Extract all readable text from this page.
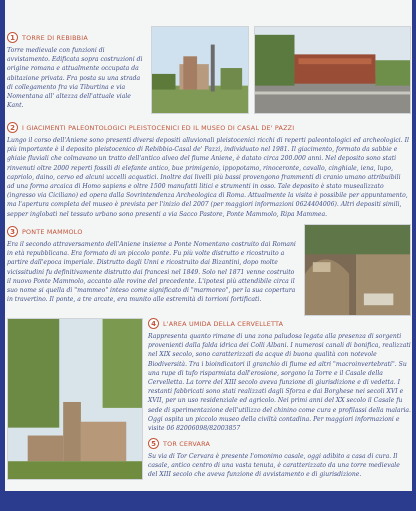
1	TORRE DI REBIBBIA
Torre medievale con funzioni di avvistamento. Edificata sopra costruzioni di origine romana e attualmente occupata da abitazione privata. Fra posta su una strada di collegamento fra via Tiburtina e via Nomentana all' altezza dell'attuale viale Kant.
2	I GIACIMENTI PALEONTOLOGICI PLEISTOCENICI ED IL MUSEO DI CASAL DE' PAZZI
Lungo il corso dell'Aniene sono presenti diversi depositi alluvionali pleistocenici ricchi di reperti paleontologici ed archeologici. Il più importante è il deposito pleistocenico di Rebibbia-Casal de' Pazzi, individuato nel 1981. Il giacimento, formato da sabbie e ghiaie fluviali che colmavano un tratto dell'antico alveo del fiume Aniene, è datato circa 200.000 anni. Nel deposito sono stati rinvenuti oltre 2000 reperti fossili di elefante antico, bue primigenio, ippopotamo, rinoceronte, cavallo, cinghiale, iena, lupo, capriolo, daino, cervo ed alcuni uccelli acquatici. Inoltre dai livelli più bassi provengono frammenti di cranio umano attribuibili ad una forma arcaica di Homo sapiens e oltre 1500 manufatti litici e strumenti in osso. Tale deposito è stato musealizzato (ingresso via Ciciliano) ed opera dalla Sovrintendenza Archeologica di Roma. Attualmente la visita è possibile per appuntamento, ma l'apertura completa del museo è prevista per l'inizio del 2007 (per maggiori informazioni 0624404006). Altri depositi simili, sepper inglobati nel tessuto urbano sono presenti a via Sacco Pastore, Ponte Mammolo, Ripa Mammea.
3	PONTE MAMMOLO
Era il secondo attraversamento dell'Aniene insieme a Ponte Nomentano costruito dai Romani in età repubblicana. Era formato di un piccolo ponte. Fu più volte distrutto e ricostruito a partire dall'epoca imperiale. Distrutto dagli Unni e ricostruito dai Bizantini, dopo molte vicissitudini fu definitivamente distrutto dai francesi nel 1849. Solo nel 1871 venne costruito il nuovo Ponte Mammolo, accanto alle rovine del precedente. L'ipotesi più attendibile circa il suo nome si quella di "mammeo" inteso come significato di "marmoreo", per la sua copertura in travertino. Il ponte, a tre arcate, era munito alle estremità di torrioni fortificati.
4	L'AREA UMIDA DELLA CERVELLETTA
Rappresenta quanto rimane di una zona paludosa legata alla presenza di sorgenti provenienti dalla falda idrica dei Colli Albani. I numerosi canali di bonifica, realizzati nel XIX secolo, sono caratterizzati da acque di buona qualità con notevole Biodiversità. Tra i bioindicatori il granchio di fiume ed altri "macroinvertebrati". Su una rupe di tufo risparmiata dall'erosione, sorgono la Torre e il Casale della Cervelletta. La torre del XIII secolo aveva funzione di giurisdizione e di vedetta. I restanti fabbricati sono stati realizzati dagli Sforza e dai Borghese nei secoli XVI e XVII, per un uso residenziale ed agricolo. Nei primi anni del XX secolo il Casale fu sede di sperimentazione dell'utilizzo del chinino come cura e profilassi della malaria. Oggi ospita un piccolo museo della civiltà contadina. Per maggiori informazioni e visite 06 82006098/82003857
5	TOR CERVARA
Su via di Tor Cervara è presente l'omonimo casale, oggi adibito a casa di cura. Il casale, antico centro di una vasta tenuta, è caratterizzato da una torre medievale del XIII secolo che aveva funzione di avvistamento e di giurisdizione.
